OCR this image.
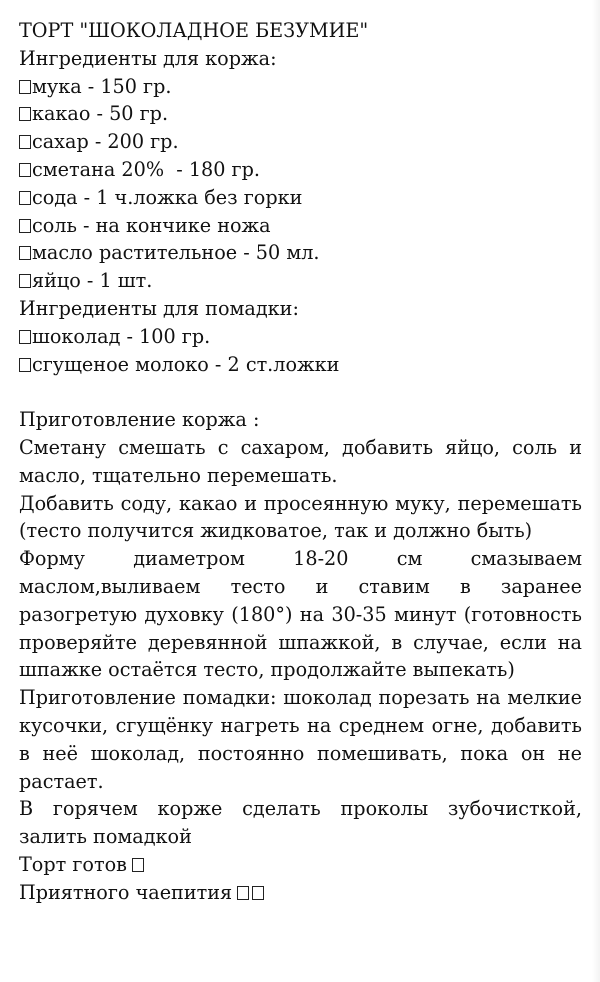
ТОРТ "ШОКОЛАДНОЕ БЕЗУМИЕ"
Ингредиенты для коржа:
мука - 150 гр.
какао - 50 гр.
сахар - 200 гр.
сметана 20%  - 180 гр.
сода - 1 ч.ложка без горки
соль - на кончике ножа
масло растительное - 50 мл.
яйцо - 1 шт.
Ингредиенты для помадки:
шоколад - 100 гр.
сгущеное молоко - 2 ст.ложки
Приготовление коржа :
Сметану смешать с сахаром, добавить яйцо, соль и масло, тщательно перемешать.
Добавить соду, какао и просеянную муку, перемешать (тесто получится жидковатое, так и должно быть)
Форму диаметром 18-20 см смазываем маслом,выливаем тесто и ставим в заранее разогретую духовку (180°) на 30-35 минут (готовность проверяйте деревянной шпажкой, в случае, если на шпажке остаётся тесто, продолжайте выпекать)
Приготовление помадки: шоколад порезать на мелкие кусочки, сгущёнку нагреть на среднем огне, добавить в неё шоколад, постоянно помешивать, пока он не растает.
В горячем корже сделать проколы зубочисткой, залить помадкой
Торт готов
Приятного чаепития
